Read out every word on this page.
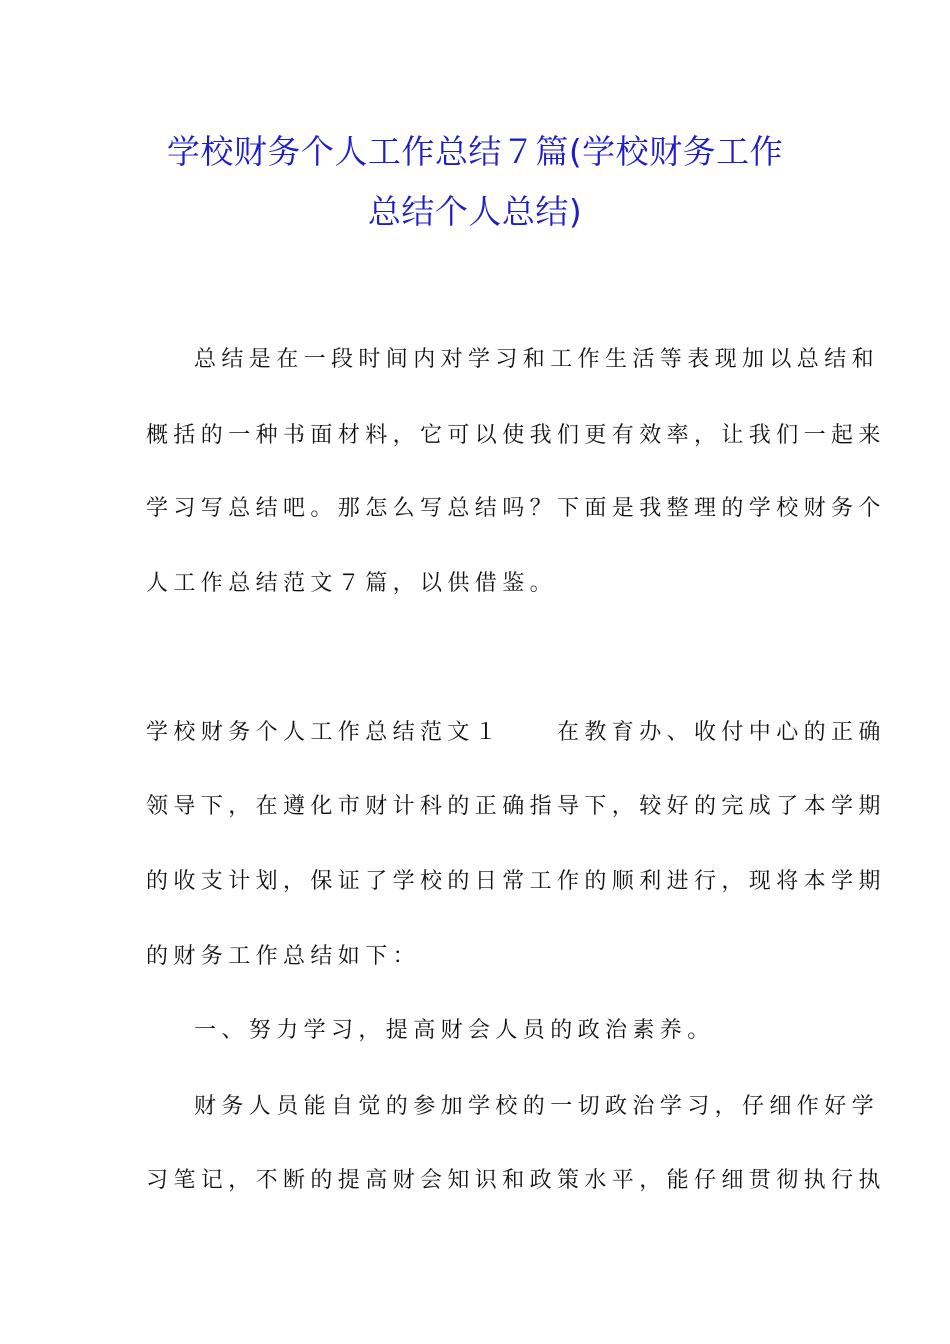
学校财务个人工作总结７篇(学校财务工作
总结个人总结)
总结是在一段时间内对学习和工作生活等表现加以总结和
概括的一种书面材料，它可以使我们更有效率，让我们一起来
学习写总结吧。那怎么写总结吗？下面是我整理的学校财务个
人工作总结范文７篇，以供借鉴。
学校财务个人工作总结范文１　　在教育办、收付中心的正确
领导下，在遵化市财计科的正确指导下，较好的完成了本学期
的收支计划，保证了学校的日常工作的顺利进行，现将本学期
的财务工作总结如下：
一、努力学习，提高财会人员的政治素养。
财务人员能自觉的参加学校的一切政治学习，仔细作好学
习笔记，不断的提高财会知识和政策水平，能仔细贯彻执行执
